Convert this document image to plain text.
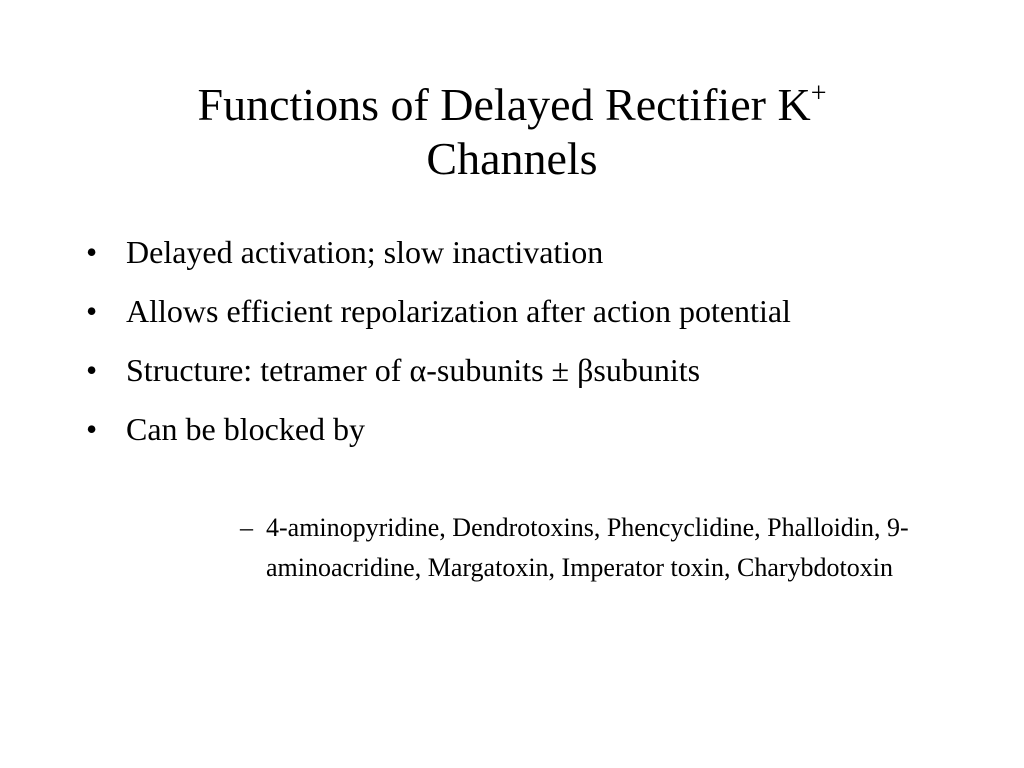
Functions of Delayed Rectifier K+
Channels
• Delayed activation; slow inactivation
• Allows efficient repolarization after action potential
• Structure: tetramer of α-subunits ± βsubunits
• Can be blocked by
– 4-aminopyridine, Dendrotoxins, Phencyclidine, Phalloidin, 9-aminoacridine, Margatoxin, Imperator toxin, Charybdotoxin
